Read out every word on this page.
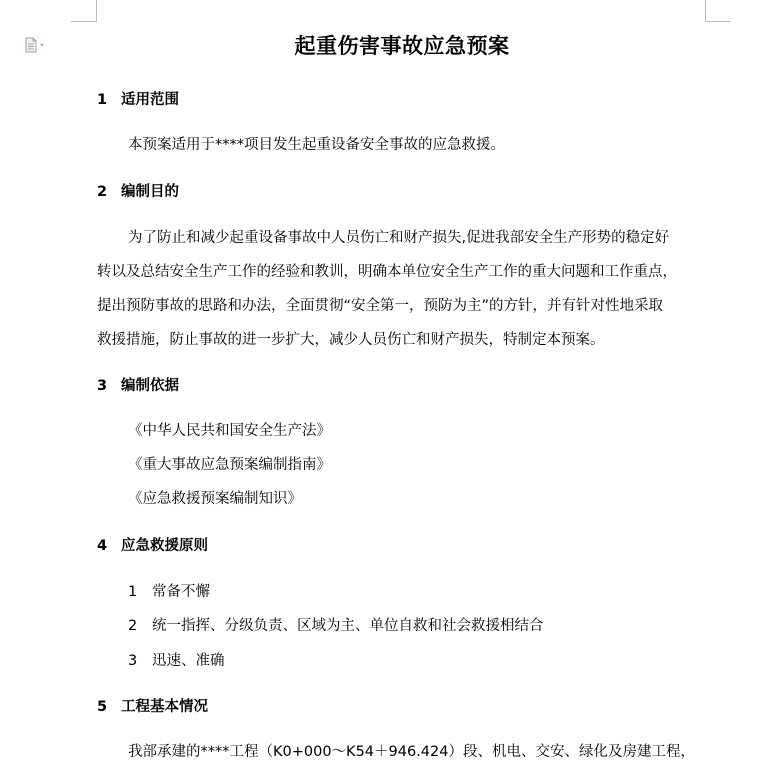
起重伤害事故应急预案
1 适用范围
本预案适用于****项目发生起重设备安全事故的应急救援。
2 编制目的
为了防止和减少起重设备事故中人员伤亡和财产损失,促进我部安全生产形势的稳定好
转以及总结安全生产工作的经验和教训，明确本单位安全生产工作的重大问题和工作重点，
提出预防事故的思路和办法，全面贯彻“安全第一，预防为主”的方针，并有针对性地采取
救援措施，防止事故的进一步扩大，减少人员伤亡和财产损失，特制定本预案。
3 编制依据
《中华人民共和国安全生产法》
《重大事故应急预案编制指南》
《应急救援预案编制知识》
4 应急救援原则
1 常备不懈
2 统一指挥、分级负责、区域为主、单位自救和社会救援相结合
3 迅速、准确
5 工程基本情况
我部承建的****工程（K0+000～K54＋946.424）段、机电、交安、绿化及房建工程，
